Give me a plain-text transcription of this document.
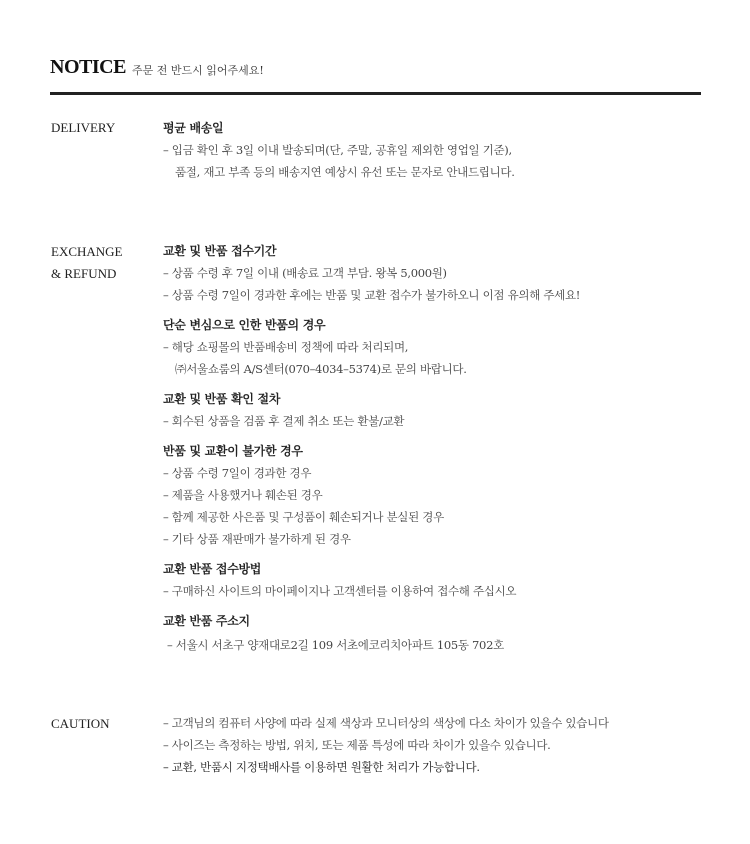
NOTICE 주문 전 반드시 읽어주세요!
DELIVERY	평균 배송일
– 입금 확인 후 3일 이내 발송되며(단, 주말, 공휴일 제외한 영업일 기준),
품절, 재고 부족 등의 배송지연 예상시 유선 또는 문자로 안내드립니다.
EXCHANGE
& REFUND
교환 및 반품 접수기간
– 상품 수령 후 7일 이내 (배송료 고객 부담. 왕복 5,000원)
– 상품 수령 7일이 경과한 후에는 반품 및 교환 접수가 불가하오니 이점 유의해 주세요!
단순 변심으로 인한 반품의 경우
– 해당 쇼핑몰의 반품배송비 정책에 따라 처리되며,
㈜서울쇼룸의 A/S센터(070–4034–5374)로 문의 바랍니다.
교환 및 반품 확인 절차
– 회수된 상품을 검품 후 결제 취소 또는 환불/교환
반품 및 교환이 불가한 경우
– 상품 수령 7일이 경과한 경우
– 제품을 사용했거나 훼손된 경우
– 함께 제공한 사은품 및 구성품이 훼손되거나 분실된 경우
– 기타 상품 재판매가 불가하게 된 경우
교환 반품 접수방법
– 구매하신 사이트의 마이페이지나 고객센터를 이용하여 접수해 주십시오
교환 반품 주소지
– 서울시 서초구 양재대로2길 109 서초에코리치아파트 105동 702호
CAUTION	– 고객님의 컴퓨터 사양에 따라 실제 색상과 모니터상의 색상에 다소 차이가 있을수 있습니다
– 사이즈는 측정하는 방법, 위치, 또는 제품 특성에 따라 차이가 있을수 있습니다.
– 교환, 반품시 지정택배사를 이용하면 원활한 처리가 가능합니다.
